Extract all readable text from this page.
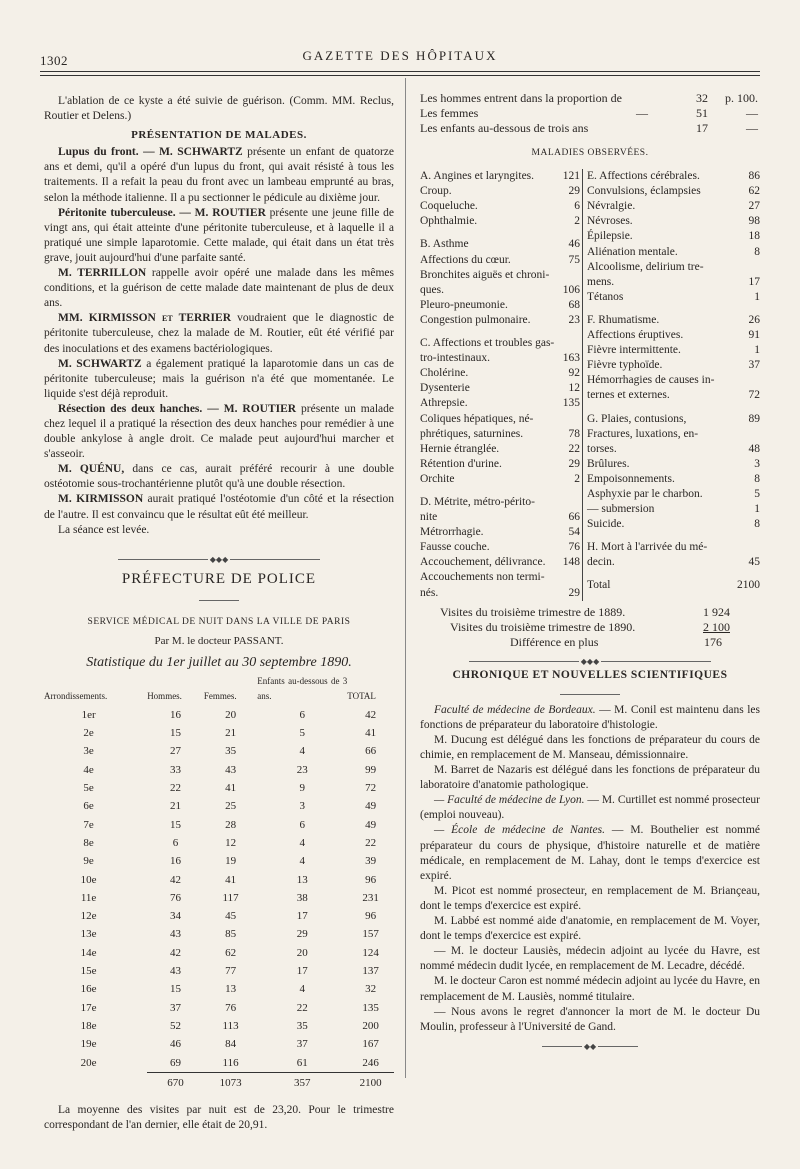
1302	GAZETTE DES HÔPITAUX

L'ablation de ce kyste a été suivie de guérison. (Comm. MM. Reclus, Routier et Delens.)

PRÉSENTATION DE MALADES.

Lupus du front. — M. SCHWARTZ présente un enfant de quatorze ans et demi, qu'il a opéré d'un lupus du front, qui avait résisté à tous les traitements. Il a refait la peau du front avec un lambeau emprunté au bras, selon la méthode italienne. Il a pu sectionner le pédicule au dixième jour.

Péritonite tuberculeuse. — M. ROUTIER présente une jeune fille de vingt ans, qui était atteinte d'une péritonite tuberculeuse, et à laquelle il a pratiqué une simple laparotomie. Cette malade, qui était dans un état très grave, jouit aujourd'hui d'une parfaite santé.

M. TERRILLON rappelle avoir opéré une malade dans les mêmes conditions, et la guérison de cette malade date maintenant de plus de deux ans.

MM. KIRMISSON et TERRIER voudraient que le diagnostic de péritonite tuberculeuse, chez la malade de M. Routier, eût été vérifié par des inoculations et des examens bactériologiques.

M. SCHWARTZ a également pratiqué la laparotomie dans un cas de péritonite tuberculeuse; mais la guérison n'a été que momentanée. Le liquide s'est déjà reproduit.

Résection des deux hanches. — M. ROUTIER présente un malade chez lequel il a pratiqué la résection des deux hanches pour remédier à une double ankylose à angle droit. Ce malade peut aujourd'hui marcher et s'asseoir.

M. QUÉNU, dans ce cas, aurait préféré recourir à une double ostéotomie sous-trochantérienne plutôt qu'à une double résection.

M. KIRMISSON aurait pratiqué l'ostéotomie d'un côté et la résection de l'autre. Il est convaincu que le résultat eût été meilleur.

La séance est levée.

◆◆◆

PRÉFECTURE DE POLICE

SERVICE MÉDICAL DE NUIT DANS LA VILLE DE PARIS

Par M. le docteur PASSANT.

Statistique du 1er juillet au 30 septembre 1890.

Arrondissements.	Hommes.	Femmes.	Enfants au-dessous de 3 ans.	TOTAL
1er	16	20	6	42
2e	15	21	5	41
3e	27	35	4	66
4e	33	43	23	99
5e	22	41	9	72
6e	21	25	3	49
7e	15	28	6	49
8e	6	12	4	22
9e	16	19	4	39
10e	42	41	13	96
11e	76	117	38	231
12e	34	45	17	96
13e	43	85	29	157
14e	42	62	20	124
15e	43	77	17	137
16e	15	13	4	32
17e	37	76	22	135
18e	52	113	35	200
19e	46	84	37	167
20e	69	116	61	246
	670	1073	357	2100

La moyenne des visites par nuit est de 23,20. Pour le trimestre correspondant de l'an dernier, elle était de 20,91.

Les hommes entrent dans la proportion de	32	p. 100.
Les femmes	—	51	—
Les enfants au-dessous de trois ans	17	—

MALADIES OBSERVÉES.

A. Angines et laryngites. 121
Croup.	29
Coqueluche.	6
Ophthalmie.	2
B. Asthme	46
Affections du cœur.	75
Bronchites aiguës et chroni-
ques.	106
Pleuro-pneumonie.	68
Congestion pulmonaire.	23
C. Affections et troubles gas-
tro-intestinaux.	163
Cholérine.	92
Dysenterie	12
Athrepsie.	135
Coliques hépatiques, né-
phrétiques, saturnines.	78
Hernie étranglée.	22
Rétention d'urine.	29
Orchite	2
D. Métrite, métro-périto-
nite	66
Métrorrhagie.	54
Fausse couche.	76
Accouchement, délivrance. 148
Accouchements non termi-
nés.	29

E. Affections cérébrales.	86
Convulsions, éclampsies	62
Névralgie.	27
Névroses.	98
Épilepsie.	18
Aliénation mentale.	8
Alcoolisme, delirium tre-
mens.	17
Tétanos	1
F. Rhumatisme.	26
Affections éruptives.	91
Fièvre intermittente.	1
Fièvre typhoïde.	37
Hémorrhagies de causes in-
ternes et externes.	72
G. Plaies, contusions,	89
Fractures, luxations, en-
torses.	48
Brûlures.	3
Empoisonnements.	8
Asphyxie par le charbon.	5
— submersion	1
Suicide.	8
H. Mort à l'arrivée du mé-
decin.	45
Total	2100
Visites du troisième trimestre de 1889.	1 924
Visites du troisième trimestre de 1890.	2 100
Différence en plus	176
◆◆◆

CHRONIQUE ET NOUVELLES SCIENTIFIQUES

Faculté de médecine de Bordeaux. — M. Conil est maintenu dans les fonctions de préparateur du laboratoire d'histologie.

M. Ducung est délégué dans les fonctions de préparateur du cours de chimie, en remplacement de M. Manseau, démissionnaire.

M. Barret de Nazaris est délégué dans les fonctions de préparateur du laboratoire d'anatomie pathologique.

— Faculté de médecine de Lyon. — M. Curtillet est nommé prosecteur (emploi nouveau).

— École de médecine de Nantes. — M. Bouthelier est nommé préparateur du cours de physique, d'histoire naturelle et de matière médicale, en remplacement de M. Lahay, dont le temps d'exercice est expiré.

M. Picot est nommé prosecteur, en remplacement de M. Briançeau, dont le temps d'exercice est expiré.

M. Labbé est nommé aide d'anatomie, en remplacement de M. Voyer, dont le temps d'exercice est expiré.

— M. le docteur Lausiès, médecin adjoint au lycée du Havre, est nommé médecin dudit lycée, en remplacement de M. Lecadre, décédé.

M. le docteur Caron est nommé médecin adjoint au lycée du Havre, en remplacement de M. Lausiès, nommé titulaire.

— Nous avons le regret d'annoncer la mort de M. le docteur Du Moulin, professeur à l'Université de Gand.

◆◆
